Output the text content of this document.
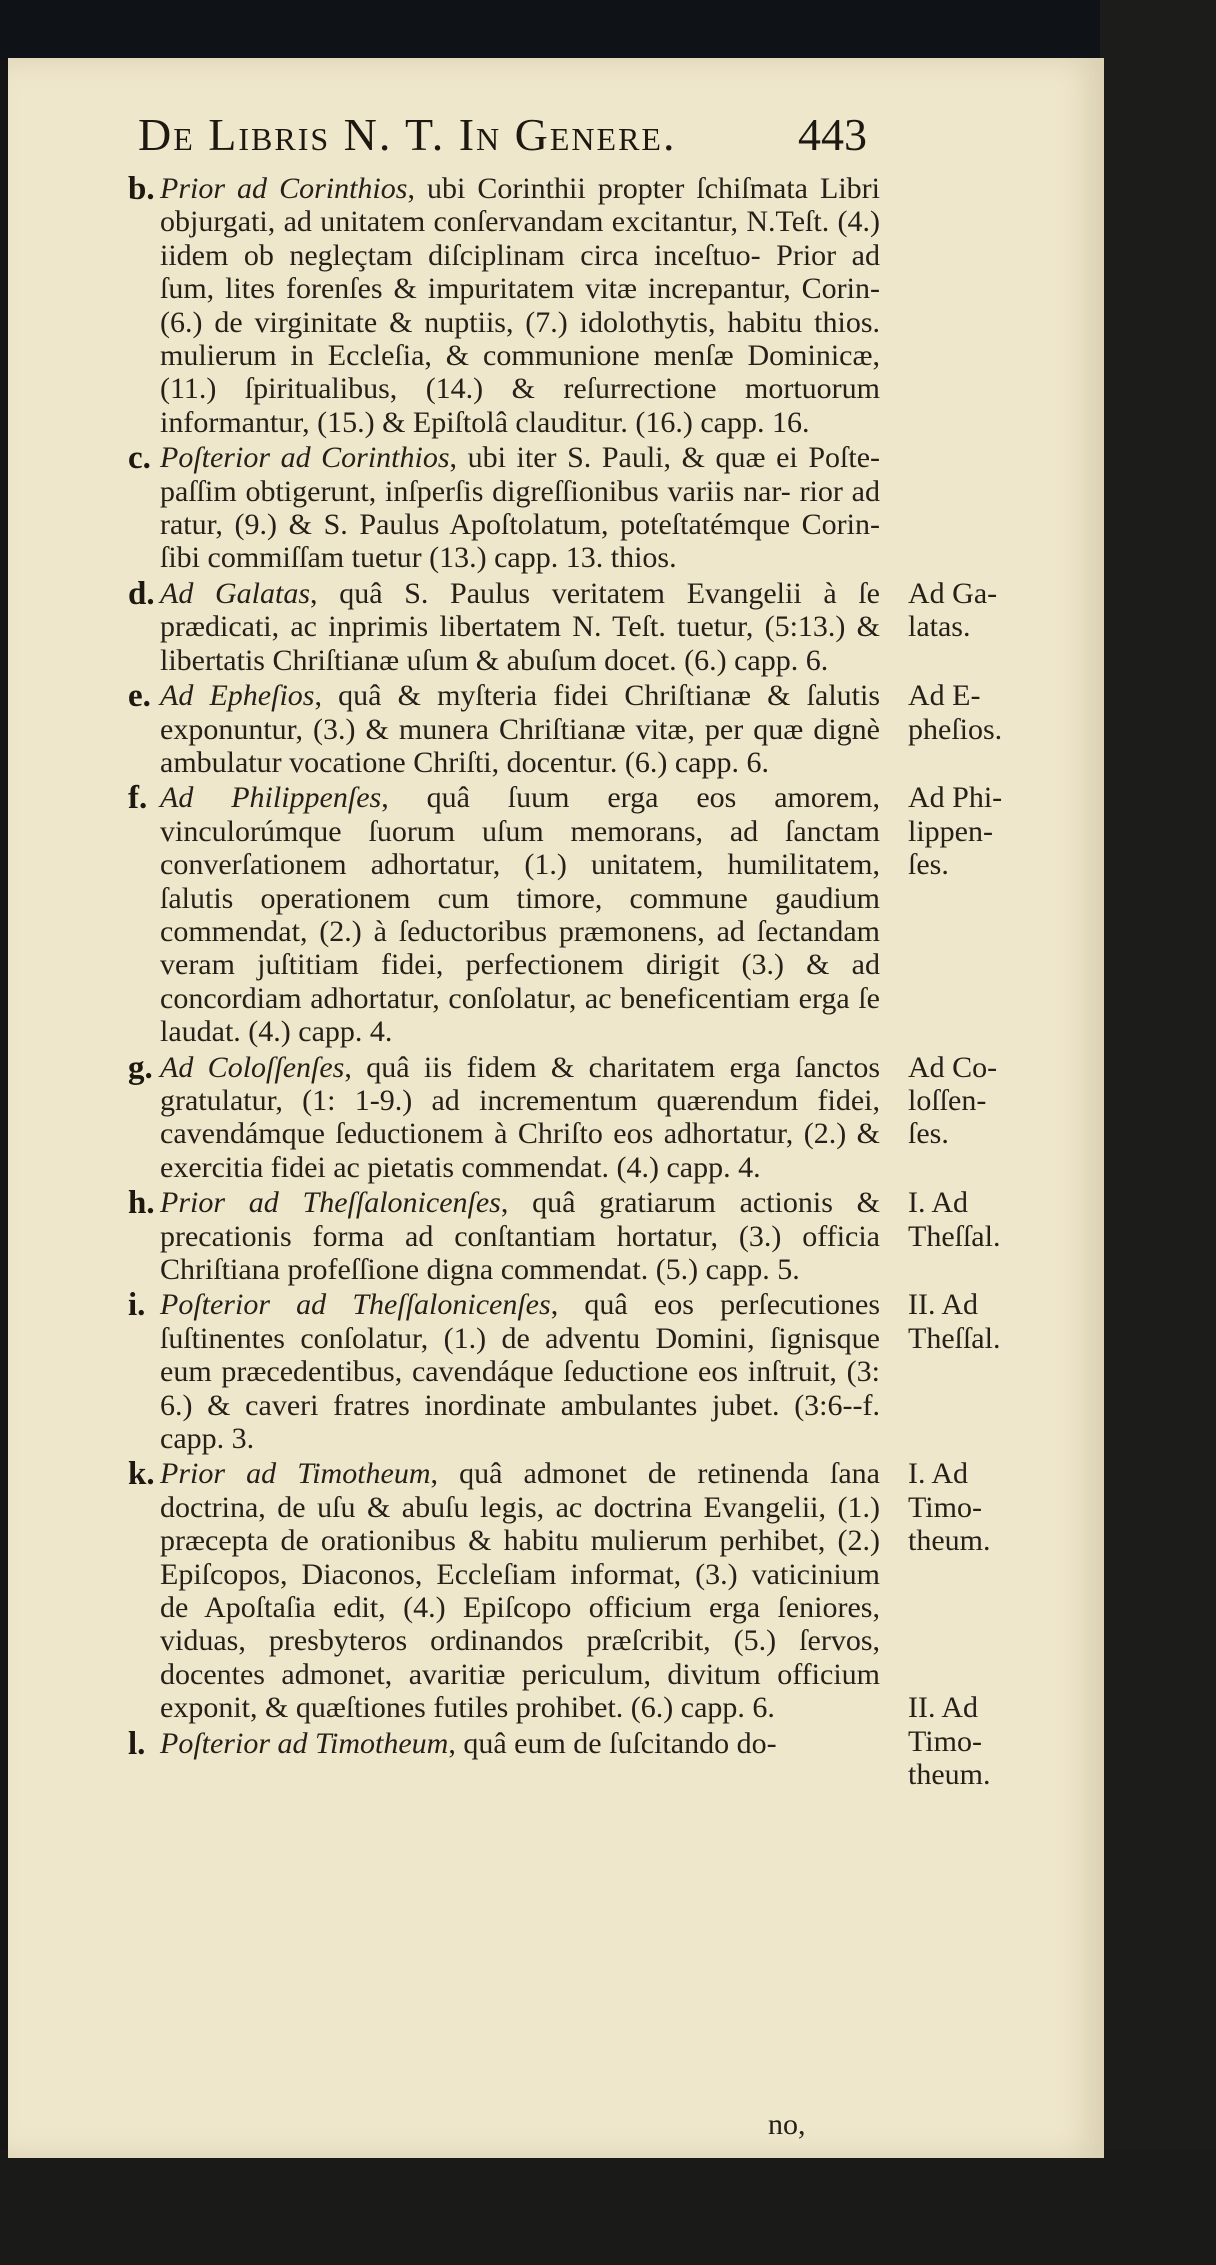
De Libris N. T. In Genere.	443
b. Prior ad Corinthios, ubi Corinthii propter ſchiſmata Libri objurgati, ad unitatem conſervandam excitantur, N.Teſt. (4.) iidem ob negleçtam diſciplinam circa inceſtuo- Prior ad ſum, lites forenſes & impuritatem vitæ increpantur, Corin- (6.) de virginitate & nuptiis, (7.) idolothytis, habitu thios. mulierum in Eccleſia, & communione menſæ Dominicæ, (11.) ſpiritualibus, (14.) & reſurrectione mortuorum informantur, (15.) & Epiſtolâ clauditur. (16.) capp. 16.
c. Poſterior ad Corinthios, ubi iter S. Pauli, & quæ ei Poſte- paſſim obtigerunt, inſperſis digreſſionibus variis nar- rior ad ratur, (9.) & S. Paulus Apoſtolatum, poteſtatémque Corin- ſibi commiſſam tuetur (13.) capp. 13. thios.
d. Ad Galatas, quâ S. Paulus veritatem Evangelii à ſe prædicati, ac inprimis libertatem N. Teſt. tuetur, (5:13.) & libertatis Chriſtianæ uſum & abuſum docet. (6.) capp. 6.
Ad Ga-
latas.
e. Ad Epheſios, quâ & myſteria fidei Chriſtianæ & ſalutis exponuntur, (3.) & munera Chriſtianæ vitæ, per quæ dignè ambulatur vocatione Chriſti, docentur. (6.) capp. 6.
Ad E-
pheſios.
f. Ad Philippenſes, quâ ſuum erga eos amorem, vinculorúmque ſuorum uſum memorans, ad ſanctam converſationem adhortatur, (1.) unitatem, humilitatem, ſalutis operationem cum timore, commune gaudium commendat, (2.) à ſeductoribus præmonens, ad ſectandam veram juſtitiam fidei, perfectionem dirigit (3.) & ad concordiam adhortatur, conſolatur, ac beneficentiam erga ſe laudat. (4.) capp. 4.
Ad Phi-
lippen-
ſes.
g. Ad Coloſſenſes, quâ iis fidem & charitatem erga ſanctos gratulatur, (1: 1-9.) ad incrementum quærendum fidei, cavendámque ſeductionem à Chriſto eos adhortatur, (2.) & exercitia fidei ac pietatis commendat. (4.) capp. 4.
Ad Co-
loſſen-
ſes.
h. Prior ad Theſſalonicenſes, quâ gratiarum actionis & precationis forma ad conſtantiam hortatur, (3.) officia Chriſtiana profeſſione digna commendat. (5.) capp. 5.
I. Ad
Theſſal.
i. Poſterior ad Theſſalonicenſes, quâ eos perſecutiones ſuſtinentes conſolatur, (1.) de adventu Domini, ſignisque eum præcedentibus, cavendáque ſeductione eos inſtruit, (3: 6.) & caveri fratres inordinate ambulantes jubet. (3:6--f. capp. 3.
II. Ad
Theſſal.
k. Prior ad Timotheum, quâ admonet de retinenda ſana doctrina, de uſu & abuſu legis, ac doctrina Evangelii, (1.) præcepta de orationibus & habitu mulierum perhibet, (2.) Epiſcopos, Diaconos, Eccleſiam informat, (3.) vaticinium de Apoſtaſia edit, (4.) Epiſcopo officium erga ſeniores, viduas, presbyteros ordinandos præſcribit, (5.) ſervos, docentes admonet, avaritiæ periculum, divitum officium exponit, & quæſtiones futiles prohibet. (6.) capp. 6.
I. Ad
Timo-
theum.

II. Ad
Timo-
theum.
l. Poſterior ad Timotheum, quâ eum de ſuſcitando do-
no,
